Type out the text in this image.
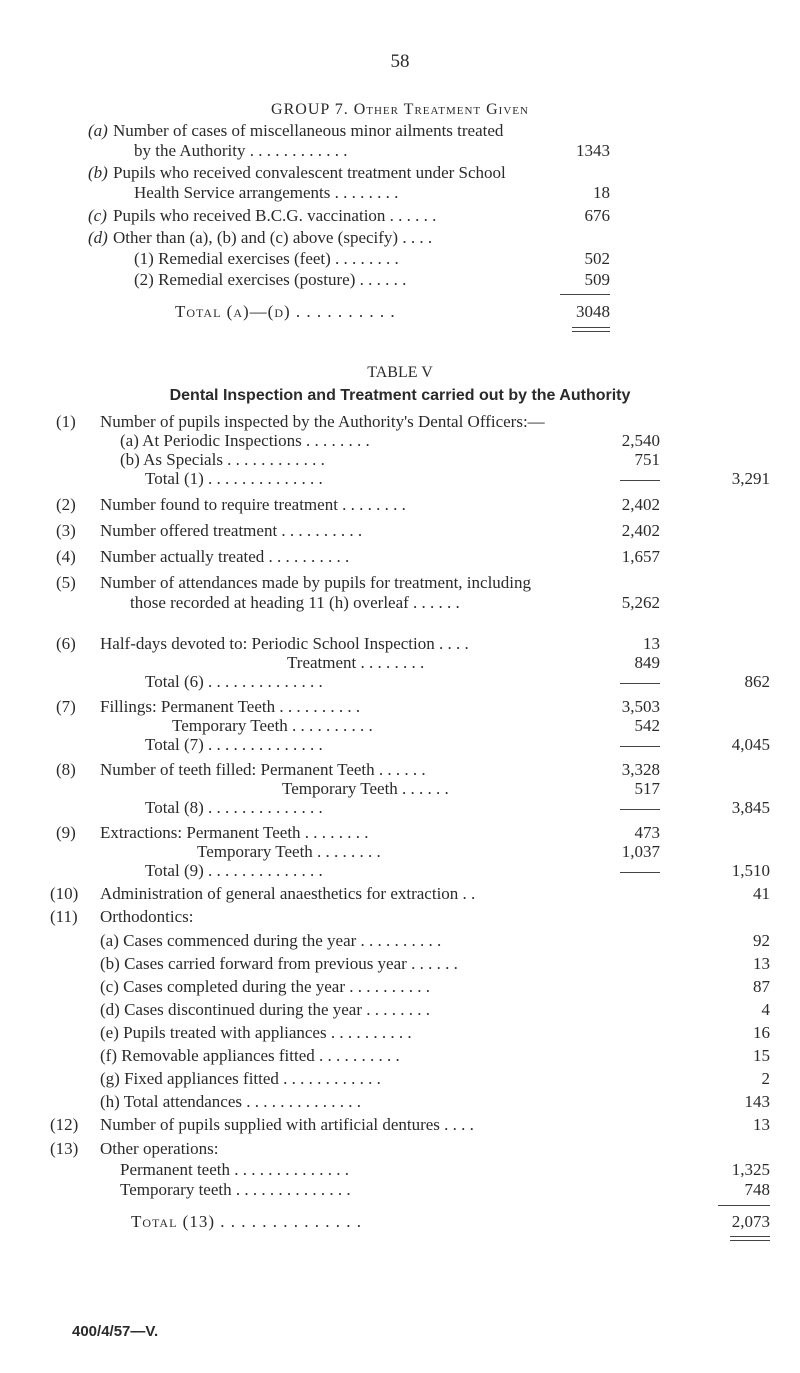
58
GROUP 7. Other Treatment Given
(a) Number of cases of miscellaneous minor ailments treated
by the Authority . . . . . . . . . . . .	1343
(b) Pupils who received convalescent treatment under School
Health Service arrangements . . . . . . . .	18
(c) Pupils who received B.C.G. vaccination . . . . . .	676
(d) Other than (a), (b) and (c) above (specify) . . . .
(1) Remedial exercises (feet) . . . . . . . .	502
(2) Remedial exercises (posture) . . . . . .	509
Total (a)—(d) . . . . . . . . . .	3048
TABLE V
Dental Inspection and Treatment carried out by the Authority
(1) Number of pupils inspected by the Authority's Dental Officers:—
(a) At Periodic Inspections . . . . . . . .	2,540
(b) As Specials . . . . . . . . . . . .	751
Total (1) . . . . . . . . . . . . . .	3,291
(2) Number found to require treatment . . . . . . . .	2,402
(3) Number offered treatment . . . . . . . . . .	2,402
(4) Number actually treated . . . . . . . . . .	1,657
(5) Number of attendances made by pupils for treatment, including
those recorded at heading 11 (h) overleaf . . . . . .	5,262
(6) Half-days devoted to: Periodic School Inspection . . . .	13
Treatment . . . . . . . .	849
Total (6) . . . . . . . . . . . . . .	862
(7) Fillings: Permanent Teeth . . . . . . . . . .	3,503
Temporary Teeth . . . . . . . . . .	542
Total (7) . . . . . . . . . . . . . .	4,045
(8) Number of teeth filled: Permanent Teeth . . . . . .	3,328
Temporary Teeth . . . . . .	517
Total (8) . . . . . . . . . . . . . .	3,845
(9) Extractions: Permanent Teeth . . . . . . . .	473
Temporary Teeth . . . . . . . .	1,037
Total (9) . . . . . . . . . . . . . .	1,510
(10) Administration of general anaesthetics for extraction . .	41
(11) Orthodontics:
(a) Cases commenced during the year . . . . . . . . . .	92
(b) Cases carried forward from previous year . . . . . .	13
(c) Cases completed during the year . . . . . . . . . .	87
(d) Cases discontinued during the year . . . . . . . .	4
(e) Pupils treated with appliances . . . . . . . . . .	16
(f) Removable appliances fitted . . . . . . . . . .	15
(g) Fixed appliances fitted . . . . . . . . . . . .	2
(h) Total attendances . . . . . . . . . . . . . .	143
(12) Number of pupils supplied with artificial dentures . . . .	13
(13) Other operations:
Permanent teeth . . . . . . . . . . . . . .	1,325
Temporary teeth . . . . . . . . . . . . . .	748
Total (13) . . . . . . . . . . . . . .	2,073
400/4/57—V.
